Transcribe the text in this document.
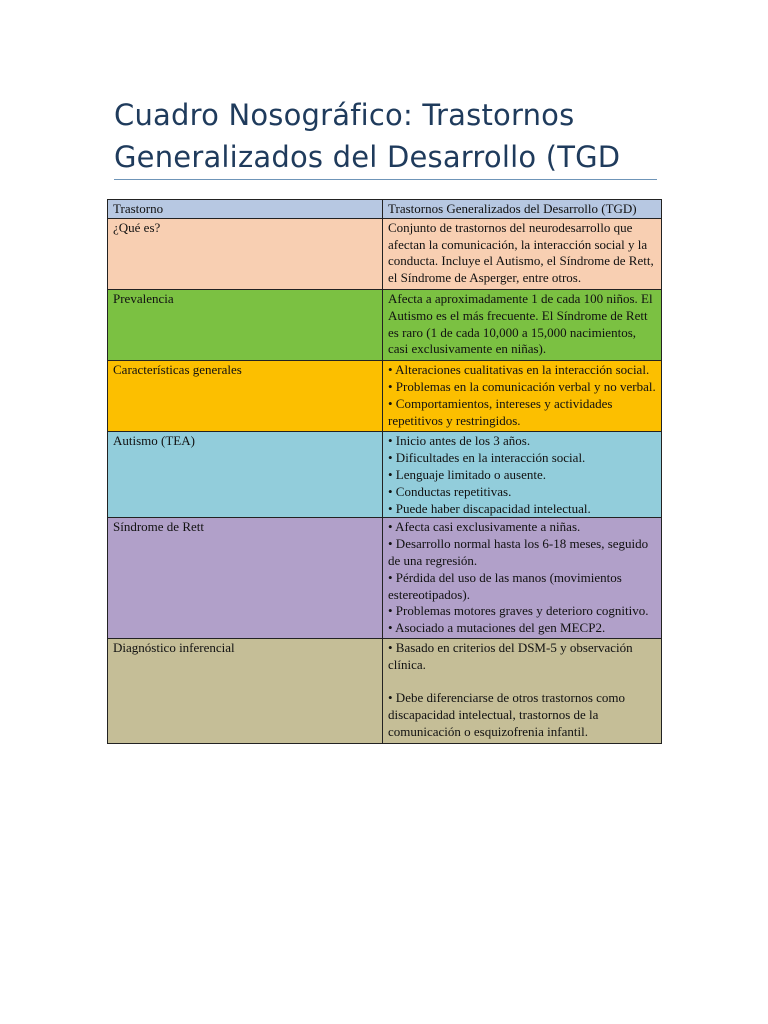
Cuadro Nosográfico: Trastornos
Generalizados del Desarrollo (TGD
Trastorno	Trastornos Generalizados del Desarrollo (TGD)
¿Qué es?	Conjunto de trastornos del neurodesarrollo que afectan la comunicación, la interacción social y la conducta. Incluye el Autismo, el Síndrome de Rett, el Síndrome de Asperger, entre otros.

Prevalencia	Afecta a aproximadamente 1 de cada 100 niños. El Autismo es el más frecuente. El Síndrome de Rett es raro (1 de cada 10,000 a 15,000 nacimientos, casi exclusivamente en niñas).

Características generales	• Alteraciones cualitativas en la interacción social.
• Problemas en la comunicación verbal y no verbal.
• Comportamientos, intereses y actividades repetitivos y restringidos.

Autismo (TEA)	• Inicio antes de los 3 años.
• Dificultades en la interacción social.
• Lenguaje limitado o ausente.
• Conductas repetitivas.
• Puede haber discapacidad intelectual.

Síndrome de Rett	• Afecta casi exclusivamente a niñas.
• Desarrollo normal hasta los 6-18 meses, seguido de una regresión.
• Pérdida del uso de las manos (movimientos estereotipados).
• Problemas motores graves y deterioro cognitivo.
• Asociado a mutaciones del gen MECP2.

Diagnóstico inferencial	• Basado en criterios del DSM-5 y observación clínica.
• Debe diferenciarse de otros trastornos como discapacidad intelectual, trastornos de la comunicación o esquizofrenia infantil.
